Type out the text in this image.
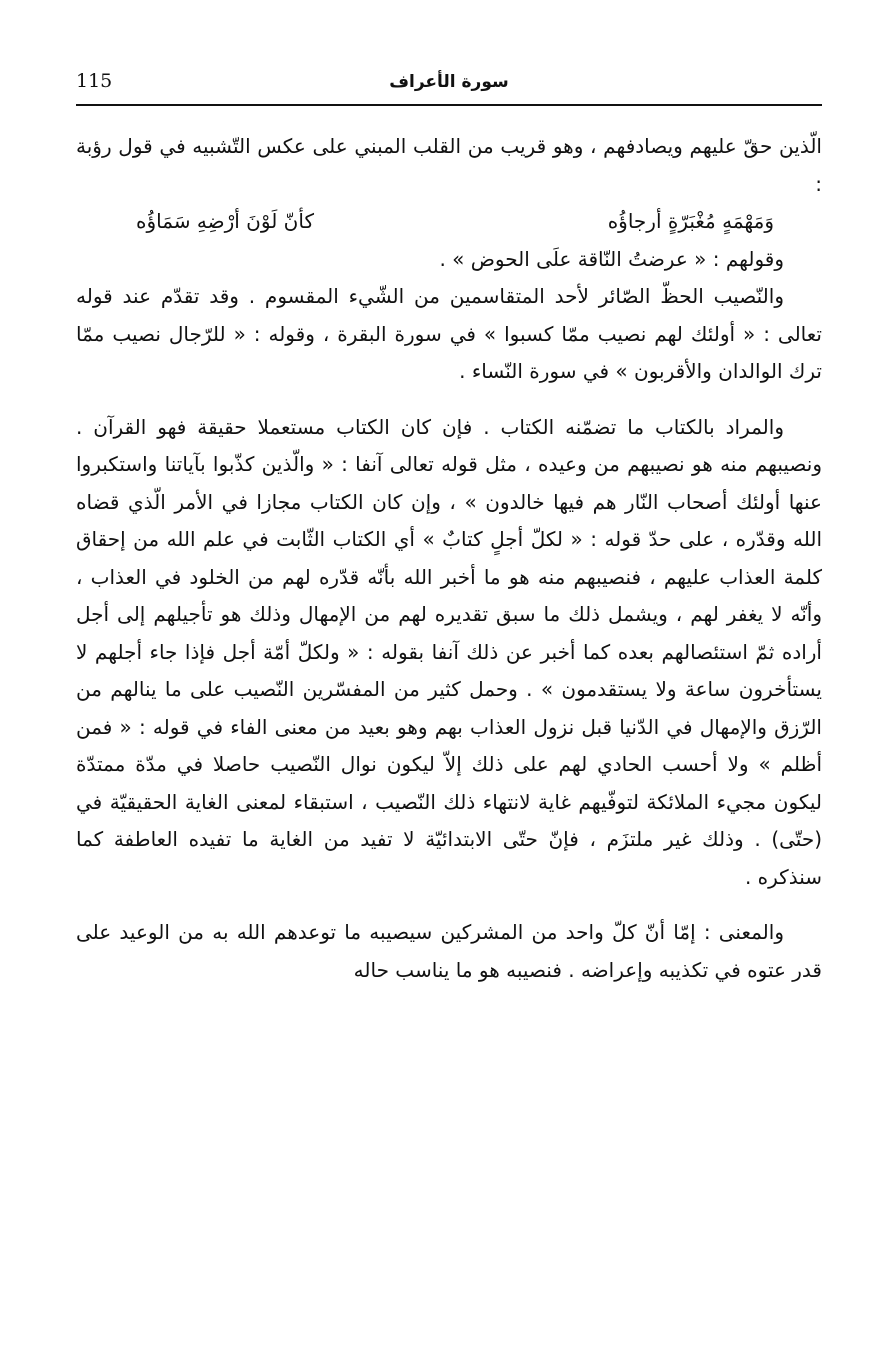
115	سورة الأعراف

الّذين حقّ عليهم ويصادفهم ، وهو قريب من القلب المبني على عكس التّشبيه في قول رؤبة :

وَمَهْمَهٍ مُغْبَرّةٍ أرجاؤُه  كأنّ لَوْنَ أرْضِهِ سَمَاؤُه

وقولهم : « عرضتُ النّاقة علَى الحوض » .

والنّصيب الحظّ الصّائر لأحد المتقاسمين من الشّيء المقسوم . وقد تقدّم عند قوله تعالى : « أولئك لهم نصيب ممّا كسبوا » في سورة البقرة ، وقوله : « للرّجال نصيب ممّا ترك الوالدان والأقربون » في سورة النّساء .

والمراد بالكتاب ما تضمّنه الكتاب . فإن كان الكتاب مستعملا حقيقة فهو القرآن . ونصيبهم منه هو نصيبهم من وعيده ، مثل قوله تعالى آنفا : « والّذين كذّبوا بآياتنا واستكبروا عنها أولئك أصحاب النّار هم فيها خالدون » ، وإن كان الكتاب مجازا في الأمر الّذي قضاه الله وقدّره ، على حدّ قوله : « لكلّ أجلٍ كتابٌ » أي الكتاب الثّابت في علم الله من إحقاق كلمة العذاب عليهم ، فنصيبهم منه هو ما أخبر الله بأنّه قدّره لهم من الخلود في العذاب ، وأنّه لا يغفر لهم ، ويشمل ذلك ما سبق تقديره لهم من الإمهال وذلك هو تأجيلهم إلى أجل أراده ثمّ استئصالهم بعده كما أخبر عن ذلك آنفا بقوله : « ولكلّ أمّة أجل فإذا جاء أجلهم لا يستأخرون ساعة ولا يستقدمون » . وحمل كثير من المفسّرين النّصيب على ما ينالهم من الرّزق والإمهال في الدّنيا قبل نزول العذاب بهم وهو بعيد من معنى الفاء في قوله : « فمن أظلم » ولا أحسب الحادي لهم على ذلك إلاّ ليكون نوال النّصيب حاصلا في مدّة ممتدّة ليكون مجيء الملائكة لتوفّيهم غاية لانتهاء ذلك النّصيب ، استبقاء لمعنى الغاية الحقيقيّة في (حتّى) . وذلك غير ملتزَم ، فإنّ حتّى الابتدائيّة لا تفيد من الغاية ما تفيده العاطفة كما سنذكره .

والمعنى : إمّا أنّ كلّ واحد من المشركين سيصيبه ما توعدهم الله به من الوعيد على قدر عتوه في تكذيبه وإعراضه . فنصيبه هو ما يناسب حاله
